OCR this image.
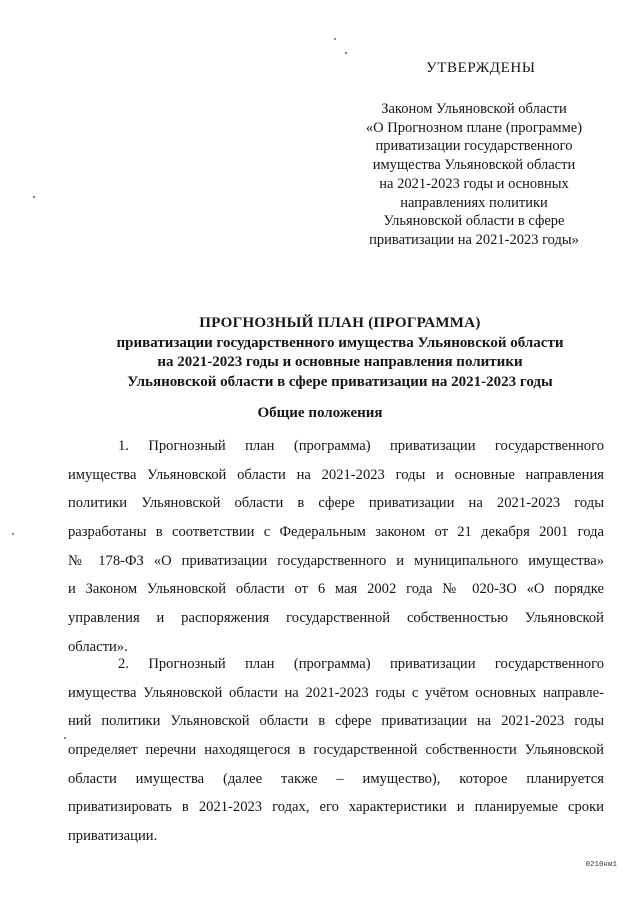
УТВЕРЖДЕНЫ
Законом Ульяновской области
«О Прогнозном плане (программе)
приватизации государственного
имущества Ульяновской области
на 2021-2023 годы и основных
направлениях политики
Ульяновской области в сфере
приватизации на 2021-2023 годы»
ПРОГНОЗНЫЙ ПЛАН (ПРОГРАММА)
приватизации государственного имущества Ульяновской области
на 2021-2023 годы и основные направления политики
Ульяновской области в сфере приватизации на 2021-2023 годы
Общие положения
1. Прогнозный план (программа) приватизации государственного
имущества Ульяновской области на 2021-2023 годы и основные направления
политики Ульяновской области в сфере приватизации на 2021-2023 годы
разработаны в соответствии с Федеральным законом от 21 декабря 2001 года
№ 178-ФЗ «О приватизации государственного и муниципального имущества»
и Законом Ульяновской области от 6 мая 2002 года № 020-ЗО «О порядке
управления и распоряжения государственной собственностью Ульяновской
области».
2. Прогнозный план (программа) приватизации государственного
имущества Ульяновской области на 2021-2023 годы с учётом основных направле-
ний политики Ульяновской области в сфере приватизации на 2021-2023 годы
определяет перечни находящегося в государственной собственности Ульяновской
области имущества (далее также – имущество), которое планируется
приватизировать в 2021-2023 годах, его характеристики и планируемые сроки
приватизации.
0210км1
